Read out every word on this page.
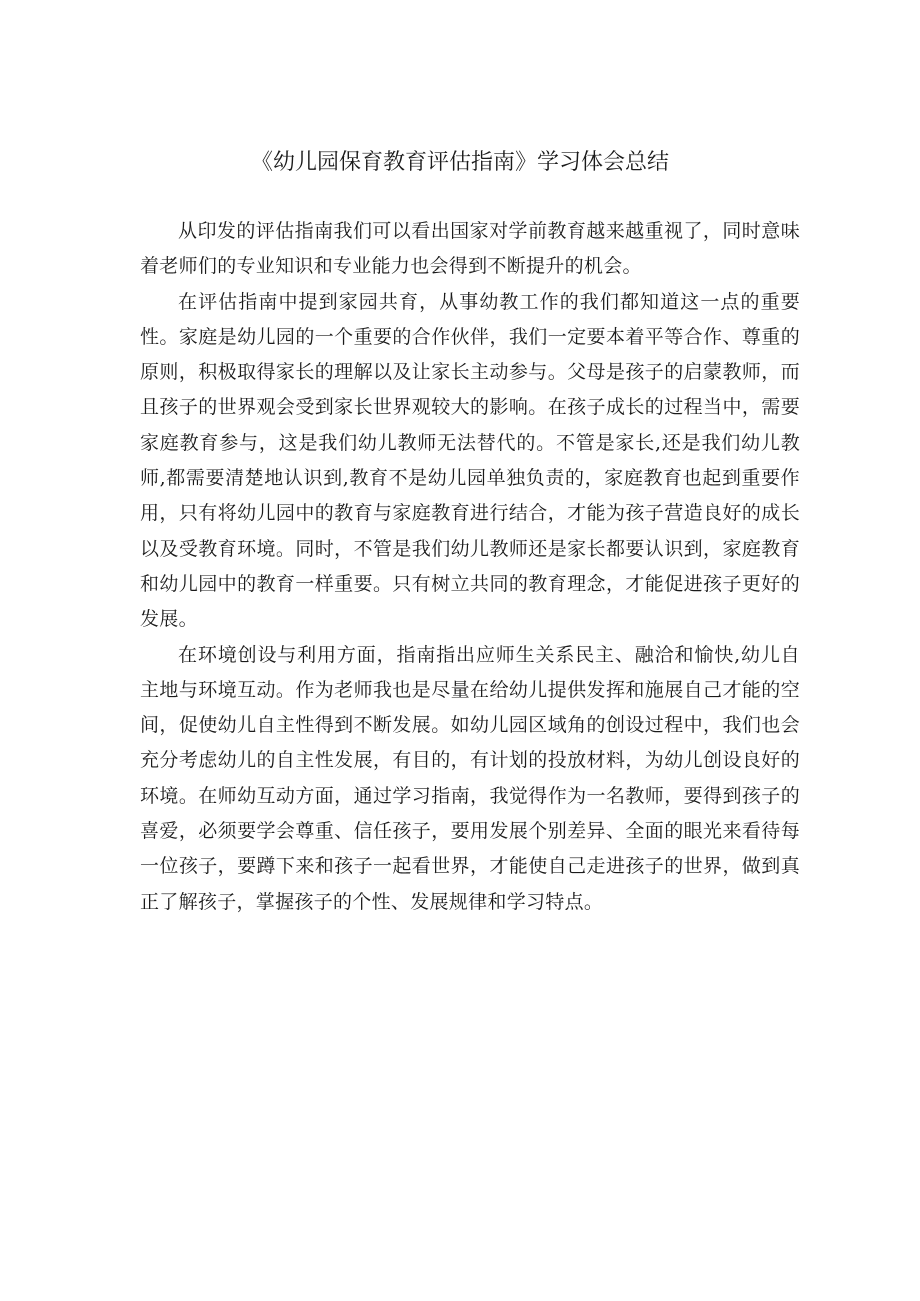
《幼儿园保育教育评估指南》学习体会总结

从印发的评估指南我们可以看出国家对学前教育越来越重视了，同时意味着老师们的专业知识和专业能力也会得到不断提升的机会。

在评估指南中提到家园共育，从事幼教工作的我们都知道这一点的重要性。家庭是幼儿园的一个重要的合作伙伴，我们一定要本着平等合作、尊重的原则，积极取得家长的理解以及让家长主动参与。父母是孩子的启蒙教师，而且孩子的世界观会受到家长世界观较大的影响。在孩子成长的过程当中，需要家庭教育参与，这是我们幼儿教师无法替代的。不管是家长,还是我们幼儿教师,都需要清楚地认识到,教育不是幼儿园单独负责的，家庭教育也起到重要作用，只有将幼儿园中的教育与家庭教育进行结合，才能为孩子营造良好的成长以及受教育环境。同时，不管是我们幼儿教师还是家长都要认识到，家庭教育和幼儿园中的教育一样重要。只有树立共同的教育理念，才能促进孩子更好的发展。

在环境创设与利用方面，指南指出应师生关系民主、融洽和愉快,幼儿自主地与环境互动。作为老师我也是尽量在给幼儿提供发挥和施展自己才能的空间，促使幼儿自主性得到不断发展。如幼儿园区域角的创设过程中，我们也会充分考虑幼儿的自主性发展，有目的，有计划的投放材料，为幼儿创设良好的环境。在师幼互动方面，通过学习指南，我觉得作为一名教师，要得到孩子的喜爱，必须要学会尊重、信任孩子，要用发展个别差异、全面的眼光来看待每一位孩子，要蹲下来和孩子一起看世界，才能使自己走进孩子的世界，做到真正了解孩子，掌握孩子的个性、发展规律和学习特点。
